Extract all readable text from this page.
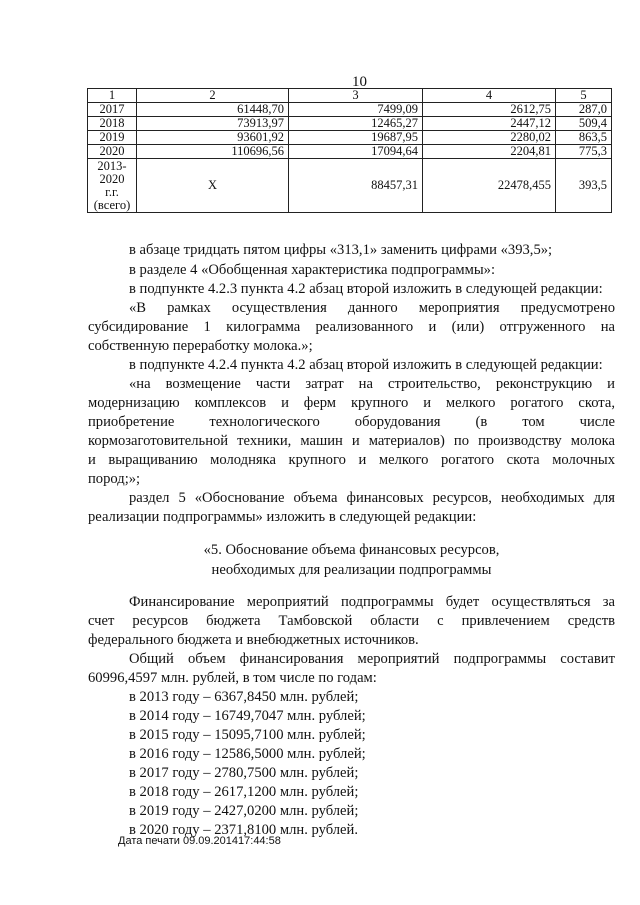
10
1	2	3	4	5
2017	61448,70	7499,09	2612,75	287,0
2018	73913,97	12465,27	2447,12	509,4
2019	93601,92	19687,95	2280,02	863,5
2020	110696,56	17094,64	2204,81	775,3
2013-
2020
г.г.
(всего)	Х	88457,31	22478,455	393,5
в абзаце тридцать пятом цифры «313,1» заменить цифрами «393,5»;
в разделе 4 «Обобщенная характеристика подпрограммы»:
в подпункте 4.2.3 пункта 4.2 абзац второй изложить в следующей редакции:
«В рамках осуществления данного мероприятия предусмотрено
субсидирование 1 килограмма реализованного и (или) отгруженного на
собственную переработку молока.»;
в подпункте 4.2.4 пункта 4.2 абзац второй изложить в следующей редакции:
«на возмещение части затрат на строительство, реконструкцию и
модернизацию комплексов и ферм крупного и мелкого рогатого скота,
приобретение технологического оборудования (в том числе
кормозаготовительной техники, машин и материалов) по производству молока
и выращиванию молодняка крупного и мелкого рогатого скота молочных
пород;»;
раздел 5 «Обоснование объема финансовых ресурсов, необходимых для
реализации подпрограммы» изложить в следующей редакции:
«5. Обоснование объема финансовых ресурсов,
необходимых для реализации подпрограммы
Финансирование мероприятий подпрограммы будет осуществляться за
счет ресурсов бюджета Тамбовской области с привлечением средств
федерального бюджета и внебюджетных источников.
Общий объем финансирования мероприятий подпрограммы составит
60996,4597 млн. рублей, в том числе по годам:
в 2013 году – 6367,8450 млн. рублей;
в 2014 году – 16749,7047 млн. рублей;
в 2015 году – 15095,7100 млн. рублей;
в 2016 году – 12586,5000 млн. рублей;
в 2017 году – 2780,7500 млн. рублей;
в 2018 году – 2617,1200 млн. рублей;
в 2019 году – 2427,0200 млн. рублей;
в 2020 году – 2371,8100 млн. рублей.
Дата печати 09.09.201417:44:58
